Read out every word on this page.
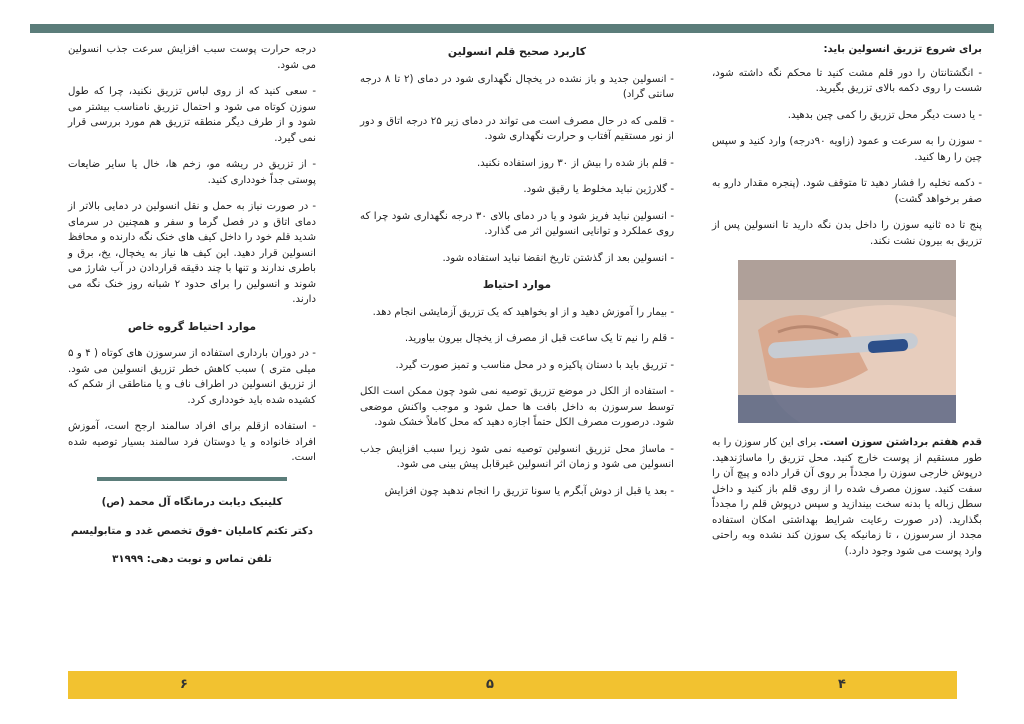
درجه حرارت پوست سبب افزایش سرعت جذب انسولین می شود.

- سعی کنید که از روی لباس تزریق نکنید، چرا که طول سوزن کوتاه می شود و احتمال تزریق نامناسب بیشتر می شود و از طرف دیگر منطقه تزریق هم مورد بررسی قرار نمی گیرد.

- از تزریق در ریشه مو، زخم ها، خال یا سایر ضایعات پوستی جداً خودداری کنید.

- در صورت نیاز به حمل و نقل انسولین در دمایی بالاتر از دمای اتاق و در فصل گرما و سفر و همچنین در سرمای شدید قلم خود را داخل کیف های خنک نگه دارنده و محافظ انسولین قرار دهید. این کیف ها نیاز به یخچال، یخ، برق و باطری ندارند و تنها با چند دقیقه قراردادن در آب شارژ می شوند و انسولین را برای حدود ۲ شبانه روز خنک نگه می دارند.

موارد احتیاط گروه خاص

- در دوران بارداری استفاده از سرسوزن های کوتاه ( ۴ و ۵ میلی متری ) سبب کاهش خطر تزریق انسولین می شود. از تزریق انسولین در اطراف ناف و یا مناطقی از شکم که کشیده شده باید خودداری کرد.

- استفاده ازقلم برای افراد سالمند ارجح است، آموزش افراد خانواده و یا دوستان فرد سالمند بسیار توصیه شده است.

کلینیک دیابت درمانگاه آل محمد (ص)

دکتر تکتم کاملیان -فوق تخصص غدد و متابولیسم

تلفن تماس و نوبت دهی: ۳۱۹۹۹

کاربرد صحیح قلم انسولین

- انسولین جدید و باز نشده در یخچال نگهداری شود در دمای (۲ تا ۸ درجه سانتی گراد)

- قلمی که در حال مصرف است می تواند در دمای زیر ۲۵ درجه اتاق و دور از نور مستقیم آفتاب و حرارت نگهداری شود.

- قلم باز شده را بیش از ۳۰ روز استفاده نکنید.

- گلارژین نباید مخلوط یا رقیق شود.

- انسولین نباید فریز شود و یا در دمای بالای ۳۰ درجه نگهداری شود چرا که روی عملکرد و توانایی انسولین اثر می گذارد.

- انسولین بعد از گذشتن تاریخ انقضا نباید استفاده شود.

موارد احتیاط

- بیمار را آموزش دهید و از او بخواهید که یک تزریق آزمایشی انجام دهد.

- قلم را نیم تا یک ساعت قبل از مصرف از یخچال بیرون بیاورید.

- تزریق باید با دستان پاکیزه و در محل مناسب و تمیز صورت گیرد.

- استفاده از الکل در موضع تزریق توصیه نمی شود چون ممکن است الکل توسط سرسوزن به داخل بافت ها حمل شود و موجب واکنش موضعی شود. درصورت مصرف الکل حتماً اجازه دهید که محل کاملاً خشک شود.

- ماساژ محل تزریق انسولین توصیه نمی شود زیرا سبب افزایش جذب انسولین می شود و زمان اثر انسولین غیرقابل پیش بینی می شود.

- بعد یا قبل از دوش آبگرم یا سونا تزریق را انجام ندهید چون افزایش

برای شروع تزریق انسولین باید:

- انگشتانتان را دور قلم مشت کنید تا محکم نگه داشته شود، شست را روی دکمه بالای تزریق بگیرید.

- یا دست دیگر محل تزریق را کمی چین بدهید.

- سوزن را به سرعت و عمود (زاویه ۹۰درجه) وارد کنید و سپس چین را رها کنید.

- دکمه تخلیه را فشار دهید تا متوقف شود. (پنجره مقدار دارو به صفر برخواهد گشت)

پنج تا ده ثانیه سوزن را داخل بدن نگه دارید تا انسولین پس از تزریق به بیرون نشت نکند.

قدم هفتم برداشتن سوزن است. برای این کار سوزن را به طور مستقیم از پوست خارج کنید. محل تزریق را ماساژندهید. درپوش خارجی سوزن را مجدداً بر روی آن قرار داده و پیچ آن را سفت کنید. سوزن مصرف شده را از روی قلم باز کنید و داخل سطل زباله یا بدنه سخت بیندازید و سپس درپوش قلم را مجدداً بگذارید. (در صورت رعایت شرایط بهداشتی امکان استفاده مجدد از سرسوزن ، تا زمانیکه یک سوزن کند نشده وبه راحتی وارد پوست می شود وجود دارد.)

۶	۵	۴
